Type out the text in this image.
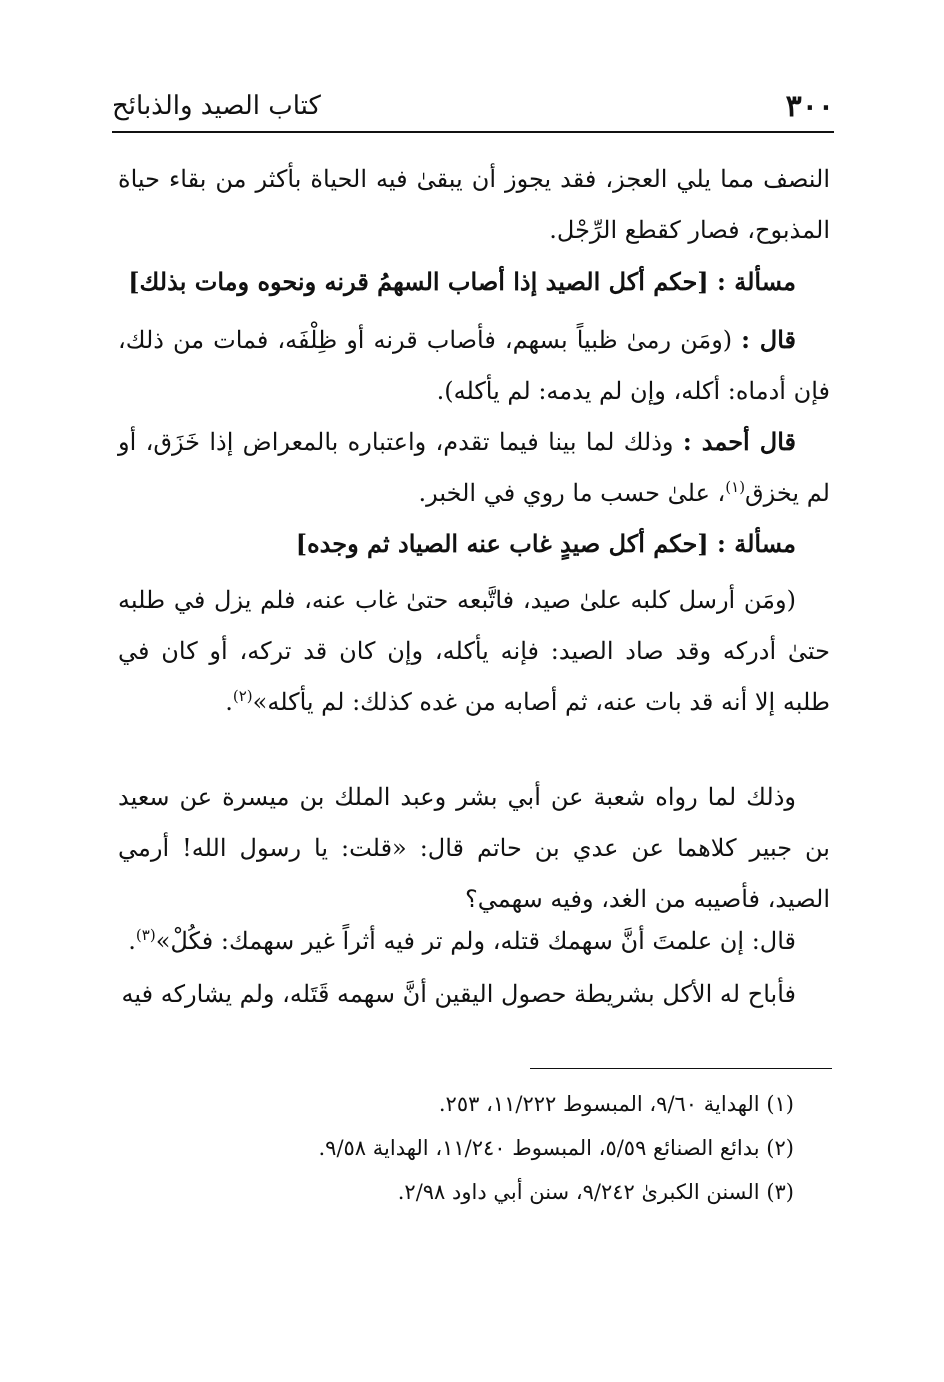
٣٠٠
كتاب الصيد والذبائح
النصف مما يلي العجز، فقد يجوز أن يبقىٰ فيه الحياة بأكثر من بقاء حياة المذبوح، فصار كقطع الرِّجْل.
مسألة : [حكم أكل الصيد إذا أصاب السهمُ قرنه ونحوه ومات بذلك]
قال : (ومَن رمىٰ ظبياً بسهم، فأصاب قرنه أو ظِلْفَه، فمات من ذلك، فإن أدماه: أكله، وإن لم يدمه: لم يأكله).
قال أحمد : وذلك لما بينا فيما تقدم، واعتباره بالمعراض إذا خَزَق، أو لم يخزق$^{(١)}$، علىٰ حسب ما روي في الخبر.
مسألة : [حكم أكل صيدٍ غاب عنه الصياد ثم وجده]
(ومَن أرسل كلبه علىٰ صيد، فاتَّبعه حتىٰ غاب عنه، فلم يزل في طلبه حتىٰ أدركه وقد صاد الصيد: فإنه يأكله، وإن كان قد تركه، أو كان في طلبه إلا أنه قد بات عنه، ثم أصابه من غده كذلك: لم يأكله»$^{(٢)}$.
وذلك لما رواه شعبة عن أبي بشر وعبد الملك بن ميسرة عن سعيد بن جبير كلاهما عن عدي بن حاتم قال: «قلت: يا رسول الله! أرمي الصيد، فأصيبه من الغد، وفيه سهمي؟
قال: إن علمتَ أنَّ سهمك قتله، ولم تر فيه أثراً غير سهمك: فكُلْ»$^{(٣)}$.
فأباح له الأكل بشريطة حصول اليقين أنَّ سهمه قَتَله، ولم يشاركه فيه
(١) الهداية ٩/٦٠، المبسوط ١١/٢٢٢، ٢٥٣.
(٢) بدائع الصنائع ٥/٥٩، المبسوط ١١/٢٤٠، الهداية ٩/٥٨.
(٣) السنن الكبرىٰ ٩/٢٤٢، سنن أبي داود ٢/٩٨.
